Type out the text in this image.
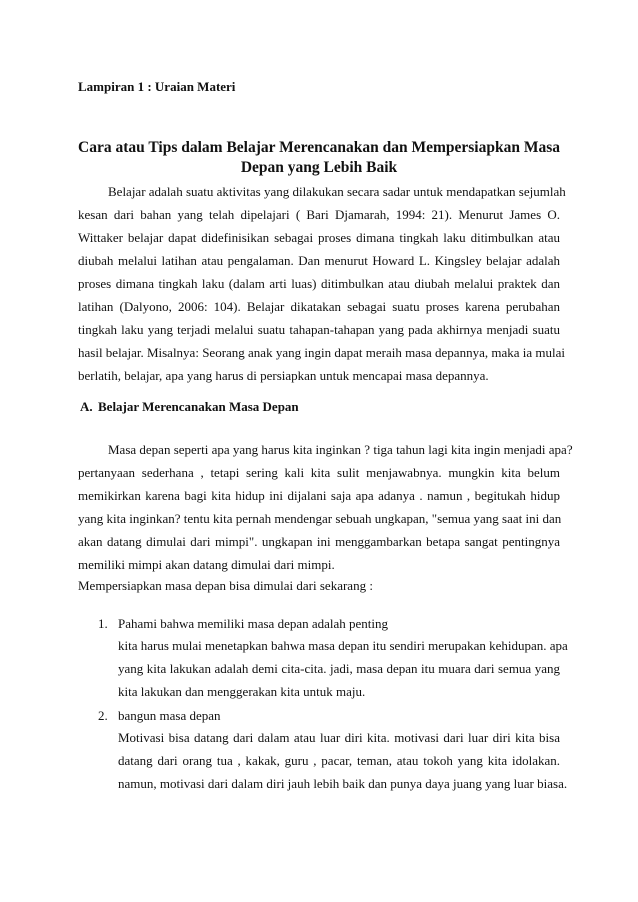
Lampiran 1 : Uraian Materi
Cara atau Tips dalam Belajar Merencanakan dan Mempersiapkan Masa
Depan yang Lebih Baik
Belajar adalah suatu aktivitas yang dilakukan secara sadar untuk mendapatkan sejumlah
kesan dari bahan yang telah dipelajari ( Bari Djamarah, 1994: 21). Menurut James O.
Wittaker belajar dapat didefinisikan sebagai proses dimana tingkah laku ditimbulkan atau
diubah melalui latihan atau pengalaman. Dan menurut Howard L. Kingsley belajar adalah
proses dimana tingkah laku (dalam arti luas) ditimbulkan atau diubah melalui praktek dan
latihan (Dalyono, 2006: 104). Belajar dikatakan sebagai suatu proses karena perubahan
tingkah laku yang terjadi melalui suatu tahapan-tahapan yang pada akhirnya menjadi suatu
hasil belajar. Misalnya: Seorang anak yang ingin dapat meraih masa depannya, maka ia mulai
berlatih, belajar, apa yang harus di persiapkan untuk mencapai masa depannya.
A. Belajar Merencanakan Masa Depan
Masa depan seperti apa yang harus kita inginkan ? tiga tahun lagi kita ingin menjadi apa?
pertanyaan sederhana , tetapi sering kali kita sulit menjawabnya. mungkin kita belum
memikirkan karena bagi kita hidup ini dijalani saja apa adanya . namun , begitukah hidup
yang kita inginkan? tentu kita pernah mendengar sebuah ungkapan, "semua yang saat ini dan
akan datang dimulai dari mimpi". ungkapan ini menggambarkan betapa sangat pentingnya
memiliki mimpi akan datang dimulai dari mimpi.
Mempersiapkan masa depan bisa dimulai dari sekarang :
1. Pahami bahwa memiliki masa depan adalah penting
kita harus mulai menetapkan bahwa masa depan itu sendiri merupakan kehidupan. apa
yang kita lakukan adalah demi cita-cita. jadi, masa depan itu muara dari semua yang
kita lakukan dan menggerakan kita untuk maju.
2. bangun masa depan
Motivasi bisa datang dari dalam atau luar diri kita. motivasi dari luar diri kita bisa
datang dari orang tua , kakak, guru , pacar, teman, atau tokoh yang kita idolakan.
namun, motivasi dari dalam diri jauh lebih baik dan punya daya juang yang luar biasa.
